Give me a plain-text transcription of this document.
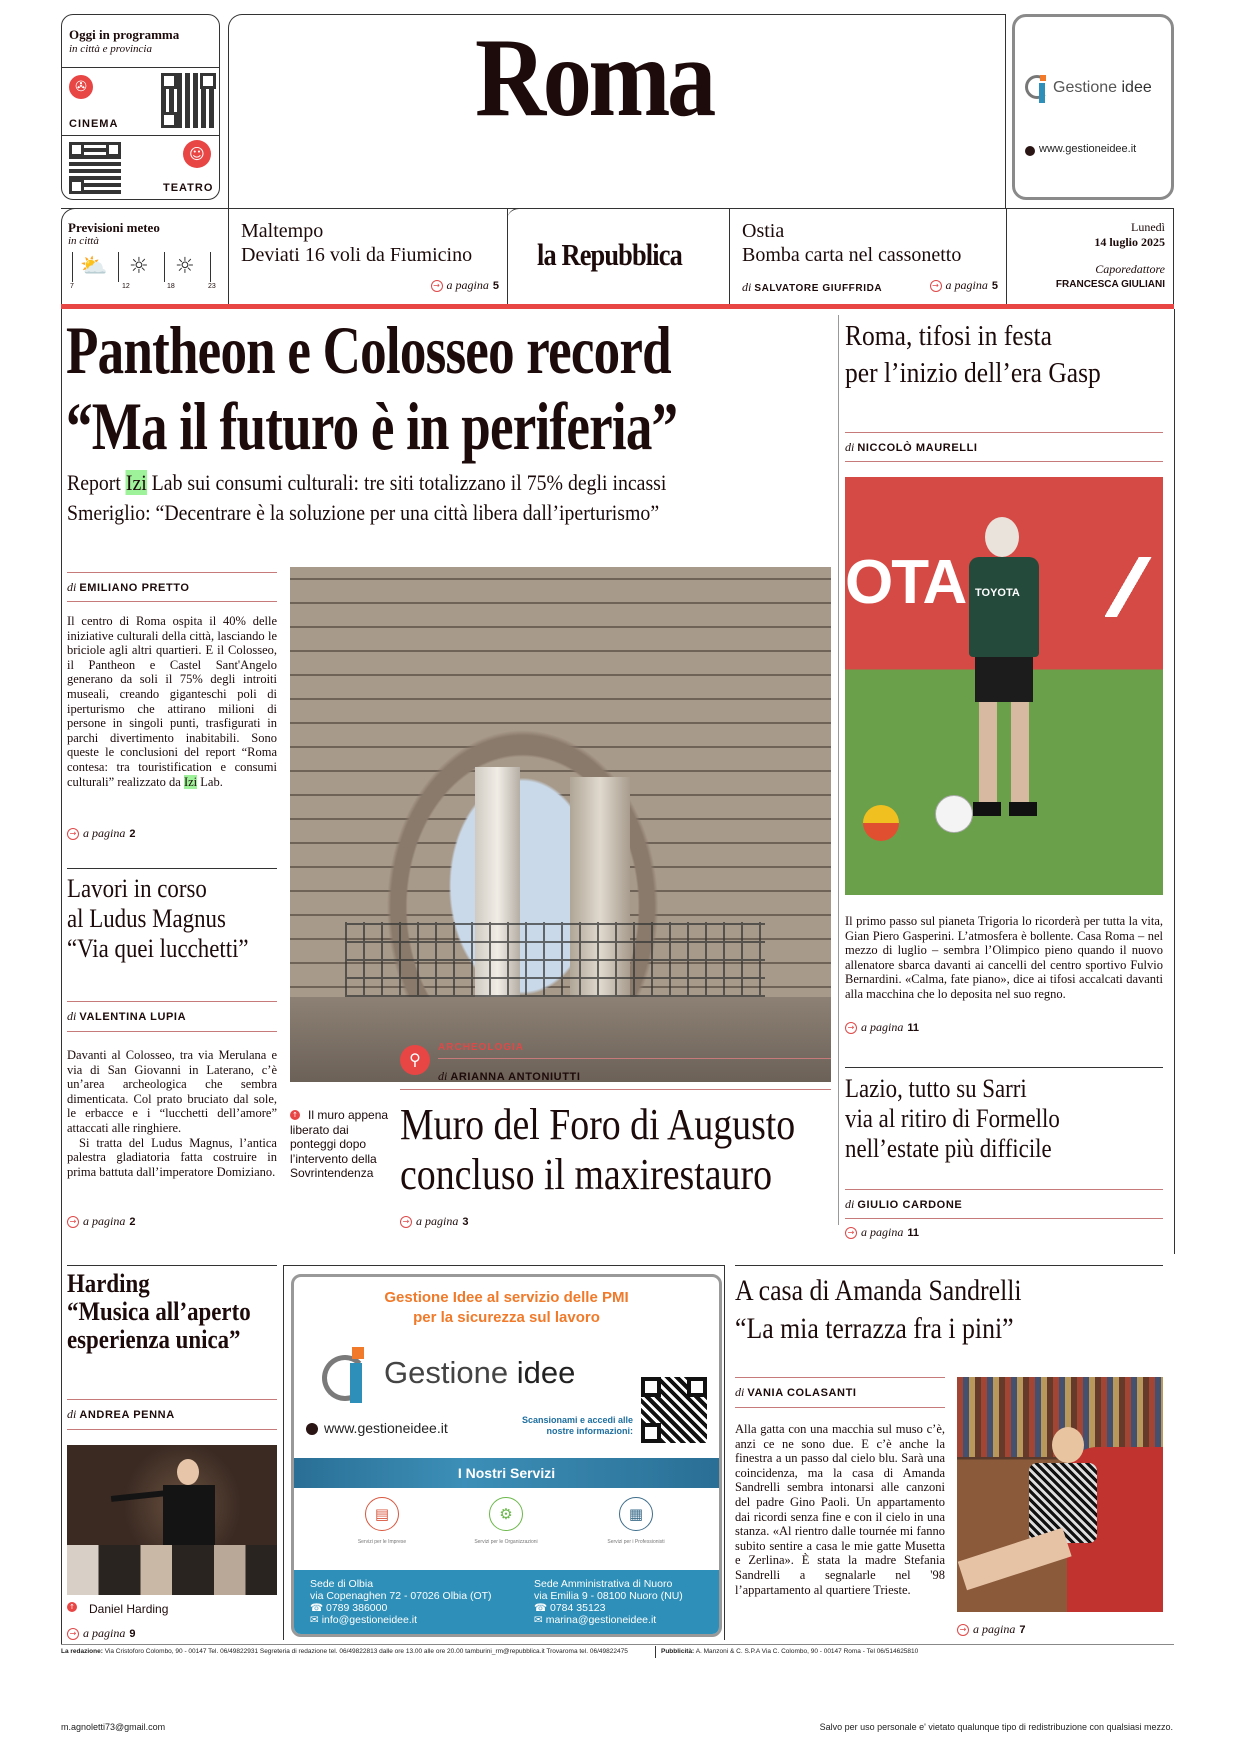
Oggi in programma
in città e provincia
✇
CINEMA
☺
TEATRO
Roma	Gestione idee
www.gestioneidee.it
Previsioni meteo
in città
7
⛅
12
☼
18
☼
23
Maltempo
Deviati 16 voli da Fiumicino
→ a pagina 5
la Repubblica
Ostia
Bomba carta nel cassonetto
di SALVATORE GIUFFRIDA	→ a pagina 5
Lunedì
14 luglio 2025
Caporedattore
FRANCESCA GIULIANI
Pantheon e Colosseo record
“Ma il futuro è in periferia”
Report Izi Lab sui consumi culturali: tre siti totalizzano il 75% degli incassi
Smeriglio: “Decentrare è la soluzione per una città libera dall’iperturismo”
di EMILIANO PRETTO
Il centro di Roma ospita il 40% delle iniziative culturali della città, lasciando le briciole agli altri quartieri. E il Colosseo, il Pantheon e Castel Sant'Angelo generano da soli il 75% degli introiti museali, creando giganteschi poli di iperturismo che attirano milioni di persone in singoli punti, trasfigurati in parchi divertimento inabitabili. Sono queste le conclusioni del report “Roma contesa: tra touristification e consumi culturali” realizzato da Izi Lab.
→ a pagina 2
Lavori in corso
al Ludus Magnus
“Via quei lucchetti”
di VALENTINA LUPIA
Davanti al Colosseo, tra via Merulana e via di San Giovanni in Laterano, c’è un’area archeologica che sembra dimenticata. Col prato bruciato dal sole, le erbacce e i “lucchetti dell’amore” attaccati alle ringhiere.
Si tratta del Ludus Magnus, l’antica palestra gladiatoria fatta costruire in prima battuta dall’imperatore Domiziano.
→ a pagina 2
⚲
ARCHEOLOGIA
di ARIANNA ANTONIUTTI
↑ Il muro appena liberato dai ponteggi dopo l’intervento della Sovrintendenza
Muro del Foro di Augusto
concluso il maxirestauro
→ a pagina 3
Roma, tifosi in festa
per l’inizio dell’era Gasp
di NICCOLÒ MAURELLI
OTA TOYOTA
Il primo passo sul pianeta Trigoria lo ricorderà per tutta la vita, Gian Piero Gasperini. L’atmosfera è bollente. Casa Roma – nel mezzo di luglio – sembra l’Olimpico pieno quando il nuovo allenatore sbarca davanti ai cancelli del centro sportivo Fulvio Bernardini. «Calma, fate piano», dice ai tifosi accalcati davanti alla macchina che lo deposita nel suo regno.
→ a pagina 11
Lazio, tutto su Sarri
via al ritiro di Formello
nell’estate più difficile
di GIULIO CARDONE
→ a pagina 11
Harding
“Musica all’aperto
esperienza unica”
di ANDREA PENNA
↑ Daniel Harding
→ a pagina 9
Gestione Idee al servizio delle PMI
per la sicurezza sul lavoro
Gestione idee
www.gestioneidee.it	Scansionami e accedi alle
nostre informazioni:
I Nostri Servizi
▤
Servizi per le Imprese
⚙
Servizi per le Organizzazioni
▦
Servizi per i Professionisti
Sede di Olbia
via Copenaghen 72 - 07026 Olbia (OT)
☎ 0789 386000
✉ info@gestioneidee.it
Sede Amministrativa di Nuoro
via Emilia 9 - 08100 Nuoro (NU)
☎ 0784 35123
✉ marina@gestioneidee.it
A casa di Amanda Sandrelli
“La mia terrazza fra i pini”
di VANIA COLASANTI
Alla gatta con una macchia sul muso c’è, anzi ce ne sono due. E c’è anche la finestra a un passo dal cielo blu. Sarà una coincidenza, ma la casa di Amanda Sandrelli sembra intonarsi alle canzoni del padre Gino Paoli. Un appartamento dai ricordi senza fine e con il cielo in una stanza. «Al rientro dalle tournée mi fanno subito sentire a casa le mie gatte Musetta e Zerlina». È stata la madre Stefania Sandrelli a segnalarle nel '98 l’appartamento al quartiere Trieste.
→ a pagina 7
La redazione: Via Cristoforo Colombo, 90 - 00147 Tel. 06/49822931 Segreteria di redazione tel. 06/49822813 dalle ore 13.00 alle ore 20.00 tamburini_rm@repubblica.it Trovaroma tel. 06/49822475	Pubblicità: A. Manzoni & C. S.P.A Via C. Colombo, 90 - 00147 Roma - Tel 06/514625810
m.agnoletti73@gmail.com	Salvo per uso personale e' vietato qualunque tipo di redistribuzione con qualsiasi mezzo.
